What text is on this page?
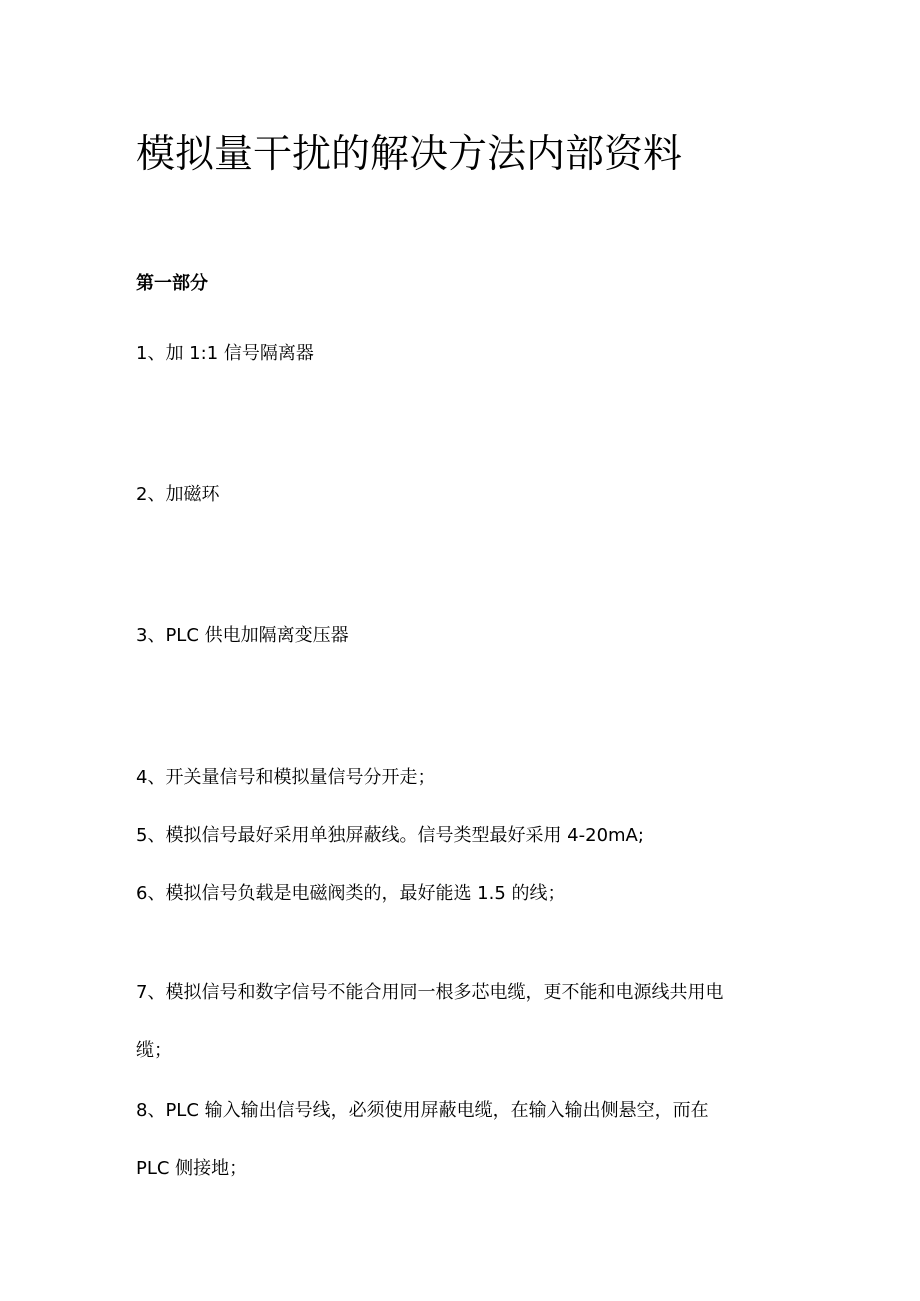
模拟量干扰的解决方法内部资料
第一部分

1、加 1:1 信号隔离器

2、加磁环

3、PLC 供电加隔离变压器

4、开关量信号和模拟量信号分开走；

5、模拟信号最好采用单独屏蔽线。信号类型最好采用 4-20mA;

6、模拟信号负载是电磁阀类的，最好能选 1.5 的线；

7、模拟信号和数字信号不能合用同一根多芯电缆，更不能和电源线共用电
缆；

8、PLC 输入输出信号线，必须使用屏蔽电缆，在输入输出侧悬空，而在
PLC 侧接地；
